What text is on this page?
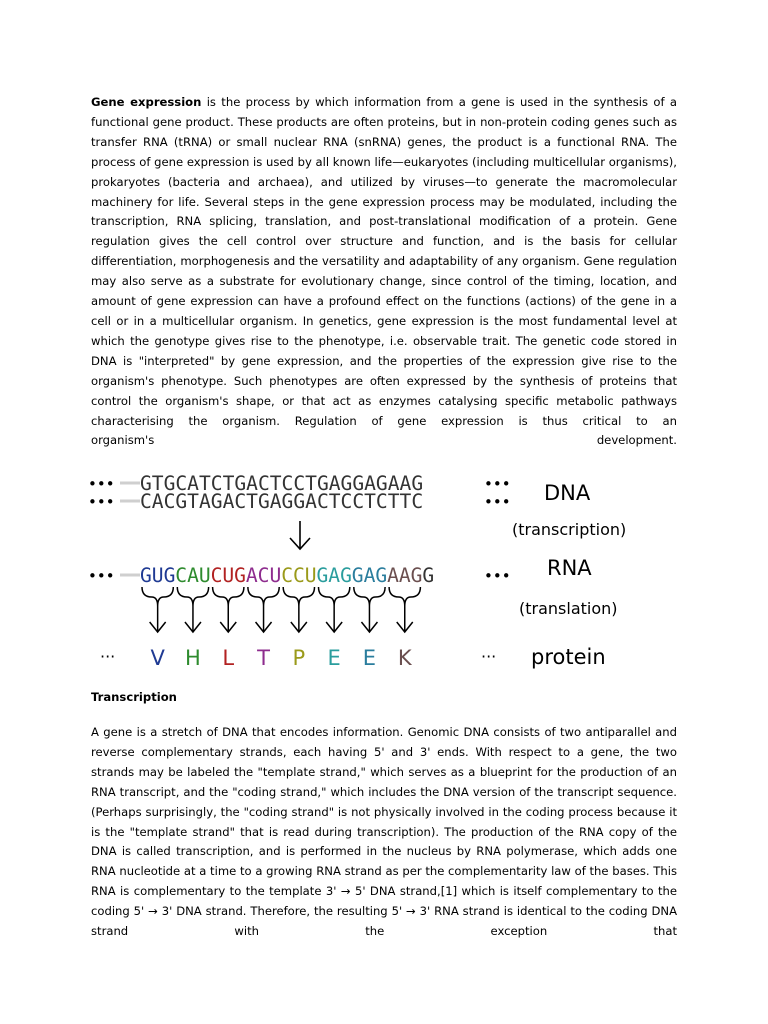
Gene expression is the process by which information from a gene is used in the synthesis of a functional gene product. These products are often proteins, but in non-protein coding genes such as transfer RNA (tRNA) or small nuclear RNA (snRNA) genes, the product is a functional RNA. The process of gene expression is used by all known life—eukaryotes (including multicellular organisms), prokaryotes (bacteria and archaea), and utilized by viruses—to generate the macromolecular machinery for life. Several steps in the gene expression process may be modulated, including the transcription, RNA splicing, translation, and post-translational modification of a protein. Gene regulation gives the cell control over structure and function, and is the basis for cellular differentiation, morphogenesis and the versatility and adaptability of any organism. Gene regulation may also serve as a substrate for evolutionary change, since control of the timing, location, and amount of gene expression can have a profound effect on the functions (actions) of the gene in a cell or in a multicellular organism. In genetics, gene expression is the most fundamental level at which the genotype gives rise to the phenotype, i.e. observable trait. The genetic code stored in DNA is "interpreted" by gene expression, and the properties of the expression give rise to the organism's phenotype. Such phenotypes are often expressed by the synthesis of proteins that control the organism's shape, or that act as enzymes catalysing specific metabolic pathways characterising the organism. Regulation of gene expression is thus critical to an
organism's	development.
••• GTGCATCTGACTCCTGAGGAGAAG	•••
••• CACGTAGACTGAGGACTCCTCTTC	••• DNA
(transcription)
••• GUG CAU CUG ACU CCU GAG GAG AAG G	••• RNA
(translation)
··· V H L T P E E K	··· protein
Transcription
A gene is a stretch of DNA that encodes information. Genomic DNA consists of two antiparallel and reverse complementary strands, each having 5' and 3' ends. With respect to a gene, the two strands may be labeled the "template strand," which serves as a blueprint for the production of an RNA transcript, and the "coding strand," which includes the DNA version of the transcript sequence. (Perhaps surprisingly, the "coding strand" is not physically involved in the coding process because it is the "template strand" that is read during transcription). The production of the RNA copy of the DNA is called transcription, and is performed in the nucleus by RNA polymerase, which adds one RNA nucleotide at a time to a growing RNA strand as per the complementarity law of the bases. This RNA is complementary to the template 3' → 5' DNA strand,[1] which is itself complementary to the coding 5' → 3' DNA strand. Therefore, the resulting 5' → 3' RNA strand is identical to the coding DNA strand with the exception that
